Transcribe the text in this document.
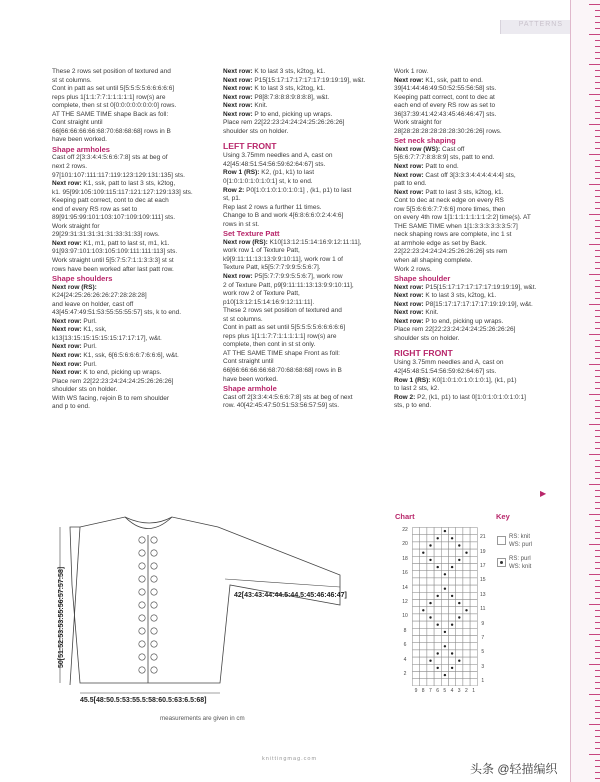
PATTERNS

These 2 rows set position of textured and

st st columns.

Cont in patt as set until 5[5:5:5:5:6:6:6:6:6]

reps plus 1[1:1:7:7:1:1:1:1:1] row(s) are

complete, then st st 0[0:0:0:0:0:0:0:0] rows.

AT THE SAME TIME shape Back as foll:

Cont straight until

66[66:66:66:66:68:70:68:68:68] rows in B

have been worked.

Shape armholes

Cast off 2[3:3:4:4:5:6:6:7:8] sts at beg of

next 2 rows.

97[101:107:111:117:119:123:129:131:135] sts.

Next row: K1, ssk, patt to last 3 sts, k2tog,

k1. 95[99:105:109:115:117:121:127:129:133] sts.

Keeping patt correct, cont to dec at each

end of every RS row as set to

89[91:95:99:101:103:107:109:109:111] sts.

Work straight for

29[29:31:31:31:31:31:33:31:33] rows.

Next row: K1, m1, patt to last st, m1, k1.

91[93:97:101:103:105:109:111:111:113] sts.

Work straight until 5[5:7:5:7:1:1:3:3:3] st st

rows have been worked after last patt row.

Shape shoulders

Next row (RS):

K24[24:25:26:26:26:27:28:28:28]

and leave on holder, cast off

43[45:47:49:51:53:55:55:55:57] sts, k to end.

Next row: Purl.

Next row: K1, ssk,

k13[13:15:15:15:15:15:17:17:17], w&t.

Next row: Purl.

Next row: K1, ssk, 6[6:5:6:6:6:7:6:6:6], w&t.

Next row: Purl.

Next row: K to end, picking up wraps.

Place rem 22[22:23:24:24:24:25:26:26:26]

shoulder sts on holder.

With WS facing, rejoin B to rem shoulder

and p to end.

Next row: K to last 3 sts, k2tog, k1.

Next row: P15[15:17:17:17:17:17:19:19:19], w&t.

Next row: K to last 3 sts, k2tog, k1.

Next row: P8[8:7:8:8:8:9:8:8:8], w&t.

Next row: Knit.

Next row: P to end, picking up wraps.

Place rem 22[22:23:24:24:24:25:26:26:26]

shoulder sts on holder.

LEFT FRONT

Using 3.75mm needles and A, cast on

42[45:48:51:54:56:59:62:64:67] sts.

Row 1 (RS): K2, (p1, k1) to last

0[1:0:1:0:1:0:1:0:1] st, k to end.

Row 2: P0[1:0:1:0:1:0:1:0:1] , (k1, p1) to last

st, p1.

Rep last 2 rows a further 11 times.

Change to B and work 4[6:8:6:6:0:2:4:4:6]

rows in st st.

Set Texture Patt

Next row (RS): K10[13:12:15:14:16:9:12:11:11],

work row 1 of Texture Patt,

k9[9:11:11:13:13:9:9:10:11], work row 1 of

Texture Patt, k5[5:7:7:9:9:5:5:6:7].

Next row: P5[5:7:7:9:9:5:5:6:7], work row

2 of Texture Patt, p9[9:11:11:13:13:9:9:10:11],

work row 2 of Texture Patt,

p10[13:12:15:14:16:9:12:11:11].

These 2 rows set position of textured and

st st columns.

Cont in patt as set until 5[5:5:5:5:6:6:6:6:6]

reps plus 1[1:1:7:7:1:1:1:1:1] row(s) are

complete, then cont in st st only.

AT THE SAME TIME shape Front as foll:

Cont straight until

66[66:66:66:66:68:70:68:68:68] rows in B

have been worked.

Shape armhole

Cast off 2[3:3:4:4:5:6:6:7:8] sts at beg of next

row. 40[42:45:47:50:51:53:56:57:59] sts.

Work 1 row.

Next row: K1, ssk, patt to end.

39[41:44:46:49:50:52:55:56:58] sts.

Keeping patt correct, cont to dec at

each end of every RS row as set to

36[37:39:41:42:43:45:46:46:47] sts.

Work straight for

28[28:28:28:28:28:28:30:26:26] rows.

Set neck shaping

Next row (WS): Cast off

5[6:6:7:7:7:8:8:8:9] sts, patt to end.

Next row: Patt to end.

Next row: Cast off 3[3:3:3:4:4:4:4:4:4] sts,

patt to end.

Next row: Patt to last 3 sts, k2tog, k1.

Cont to dec at neck edge on every RS

row 5[5:6:6:6:7:7:6:6] more times, then

on every 4th row 1[1:1:1:1:1:1:1:2:2] time(s). AT

THE SAME TIME when 1[1:3:3:3:3:3:3:5:7]

neck shaping rows are complete, inc 1 st

at armhole edge as set by Back.

22[22:23:24:24:24:25:26:26:26] sts rem

when all shaping complete.

Work 2 rows.

Shape shoulder

Next row: P15[15:17:17:17:17:17:19:19:19], w&t.

Next row: K to last 3 sts, k2tog, k1.

Next row: P8[15:17:17:17:17:17:19:19:19], w&t.

Next row: Knit.

Next row: P to end, picking up wraps.

Place rem 22[22:23:24:24:24:25:26:26:26]

shoulder sts on holder.

RIGHT FRONT

Using 3.75mm needles and A, cast on

42[45:48:51:54:56:59:62:64:67] sts.

Row 1 (RS): K0[1:0:1:0:1:0:1:0:1], (k1, p1)

to last 2 sts, k2.

Row 2: P2, (k1, p1) to last 0[1:0:1:0:1:0:1:0:1]

sts, p to end.

▶
50[51:52:53:53:55:56:57:57:58]
45.5[48:50.5:53:55.5:58:60.5:63:6.5:68]
42[43:43:44:44.5:44.5:45:46:46:47]
measurements are given in cm
Chart	Key
22
20
18
16
14
12
10
8
6
4
2
21
19
17
15
13
11
9
7
5
3
1
9 8 7 6 5 4 3 2 1
RS: knit
WS: purl
RS: purl
WS: knit
knittingmag.com
头条 @轻描编织
